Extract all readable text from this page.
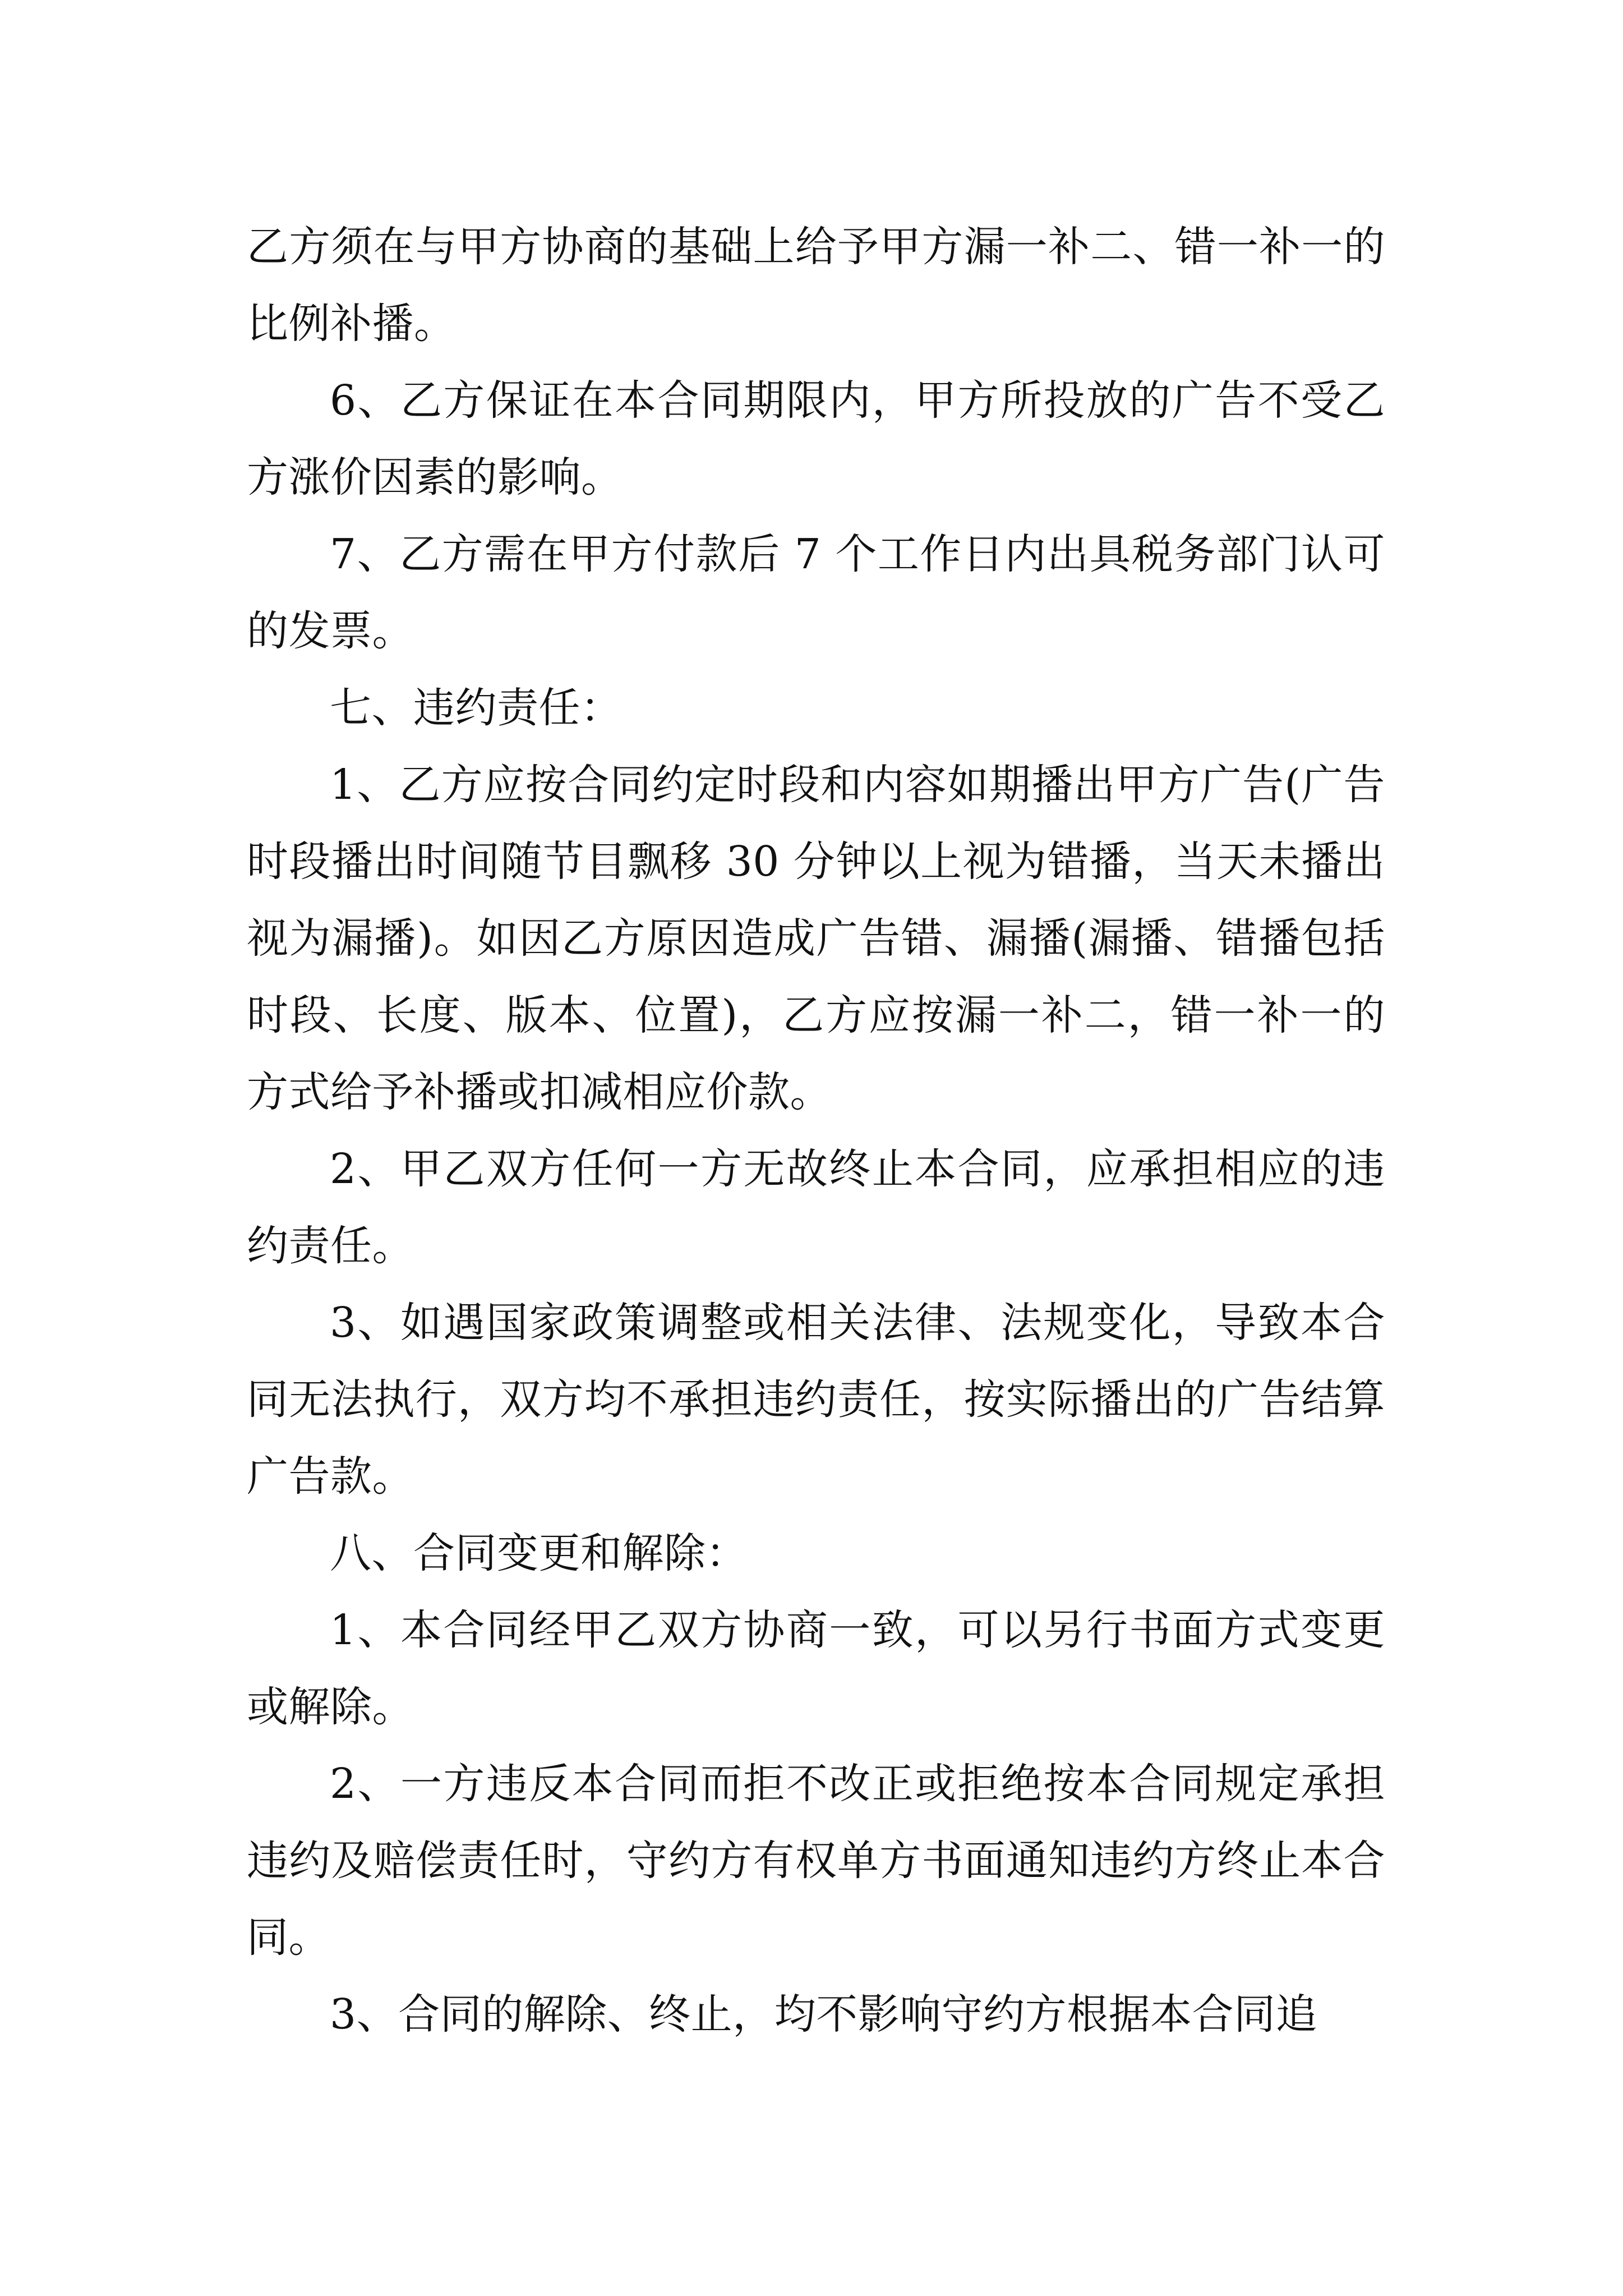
乙方须在与甲方协商的基础上给予甲方漏一补二、错一补一的比例补播。

6、乙方保证在本合同期限内，甲方所投放的广告不受乙方涨价因素的影响。

7、乙方需在甲方付款后 7 个工作日内出具税务部门认可的发票。

七、违约责任：

1、乙方应按合同约定时段和内容如期播出甲方广告(广告时段播出时间随节目飘移 30 分钟以上视为错播，当天未播出视为漏播)。如因乙方原因造成广告错、漏播(漏播、错播包括时段、长度、版本、位置)，乙方应按漏一补二，错一补一的方式给予补播或扣减相应价款。

2、甲乙双方任何一方无故终止本合同，应承担相应的违约责任。

3、如遇国家政策调整或相关法律、法规变化，导致本合同无法执行，双方均不承担违约责任，按实际播出的广告结算广告款。

八、合同变更和解除：

1、本合同经甲乙双方协商一致，可以另行书面方式变更或解除。

2、一方违反本合同而拒不改正或拒绝按本合同规定承担违约及赔偿责任时，守约方有权单方书面通知违约方终止本合同。

3、合同的解除、终止，均不影响守约方根据本合同追
